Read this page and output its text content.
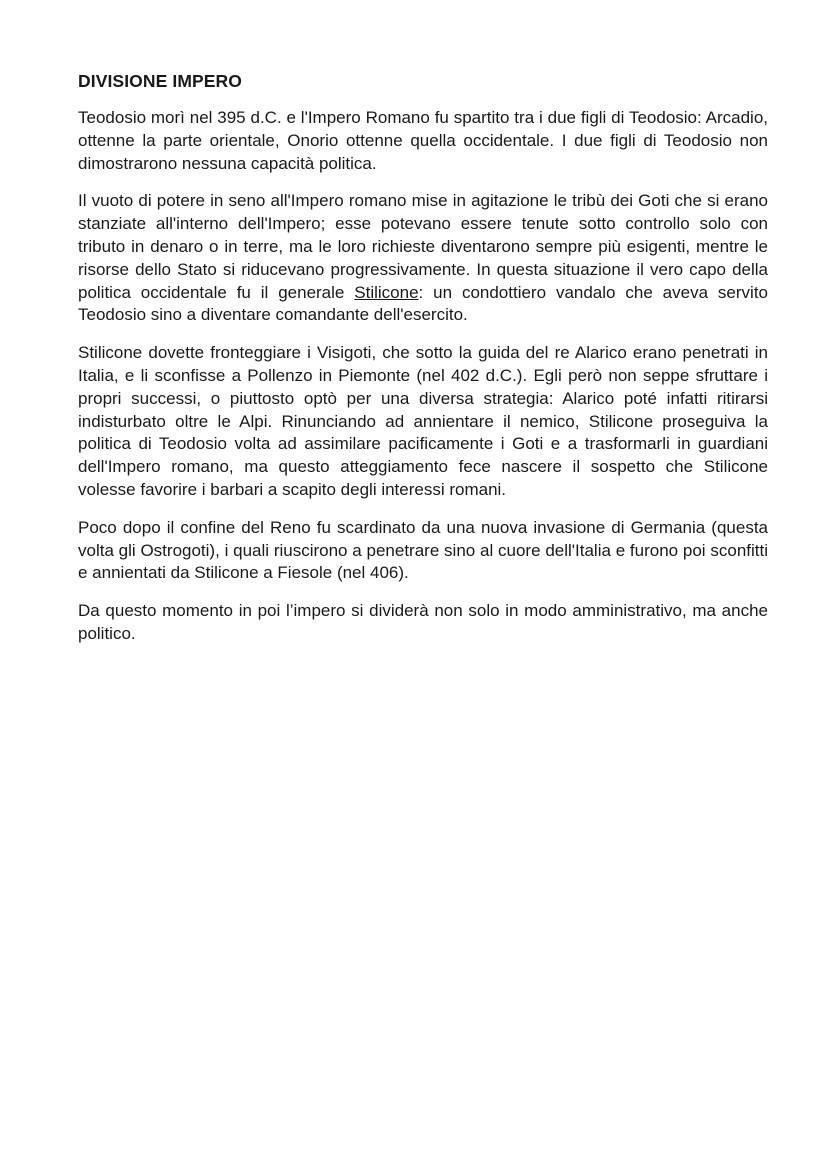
DIVISIONE IMPERO

Teodosio morì nel 395 d.C. e l'Impero Romano fu spartito tra i due figli di Teodosio: Arcadio, ottenne la parte orientale, Onorio ottenne quella occidentale. I due figli di Teodosio non dimostrarono nessuna capacità politica.

Il vuoto di potere in seno all'Impero romano mise in agitazione le tribù dei Goti che si erano stanziate all'interno dell'Impero; esse potevano essere tenute sotto controllo solo con tributo in denaro o in terre, ma le loro richieste diventarono sempre più esigenti, mentre le risorse dello Stato si riducevano progressivamente. In questa situazione il vero capo della politica occidentale fu il generale Stilicone: un condottiero vandalo che aveva servito Teodosio sino a diventare comandante dell'esercito.

Stilicone dovette fronteggiare i Visigoti, che sotto la guida del re Alarico erano penetrati in Italia, e li sconfisse a Pollenzo in Piemonte (nel 402 d.C.). Egli però non seppe sfruttare i propri successi, o piuttosto optò per una diversa strategia: Alarico poté infatti ritirarsi indisturbato oltre le Alpi. Rinunciando ad annientare il nemico, Stilicone proseguiva la politica di Teodosio volta ad assimilare pacificamente i Goti e a trasformarli in guardiani dell'Impero romano, ma questo atteggiamento fece nascere il sospetto che Stilicone volesse favorire i barbari a scapito degli interessi romani.

Poco dopo il confine del Reno fu scardinato da una nuova invasione di Germania (questa volta gli Ostrogoti), i quali riuscirono a penetrare sino al cuore dell'Italia e furono poi sconfitti e annientati da Stilicone a Fiesole (nel 406).

Da questo momento in poi l’impero si dividerà non solo in modo amministrativo, ma anche politico.
